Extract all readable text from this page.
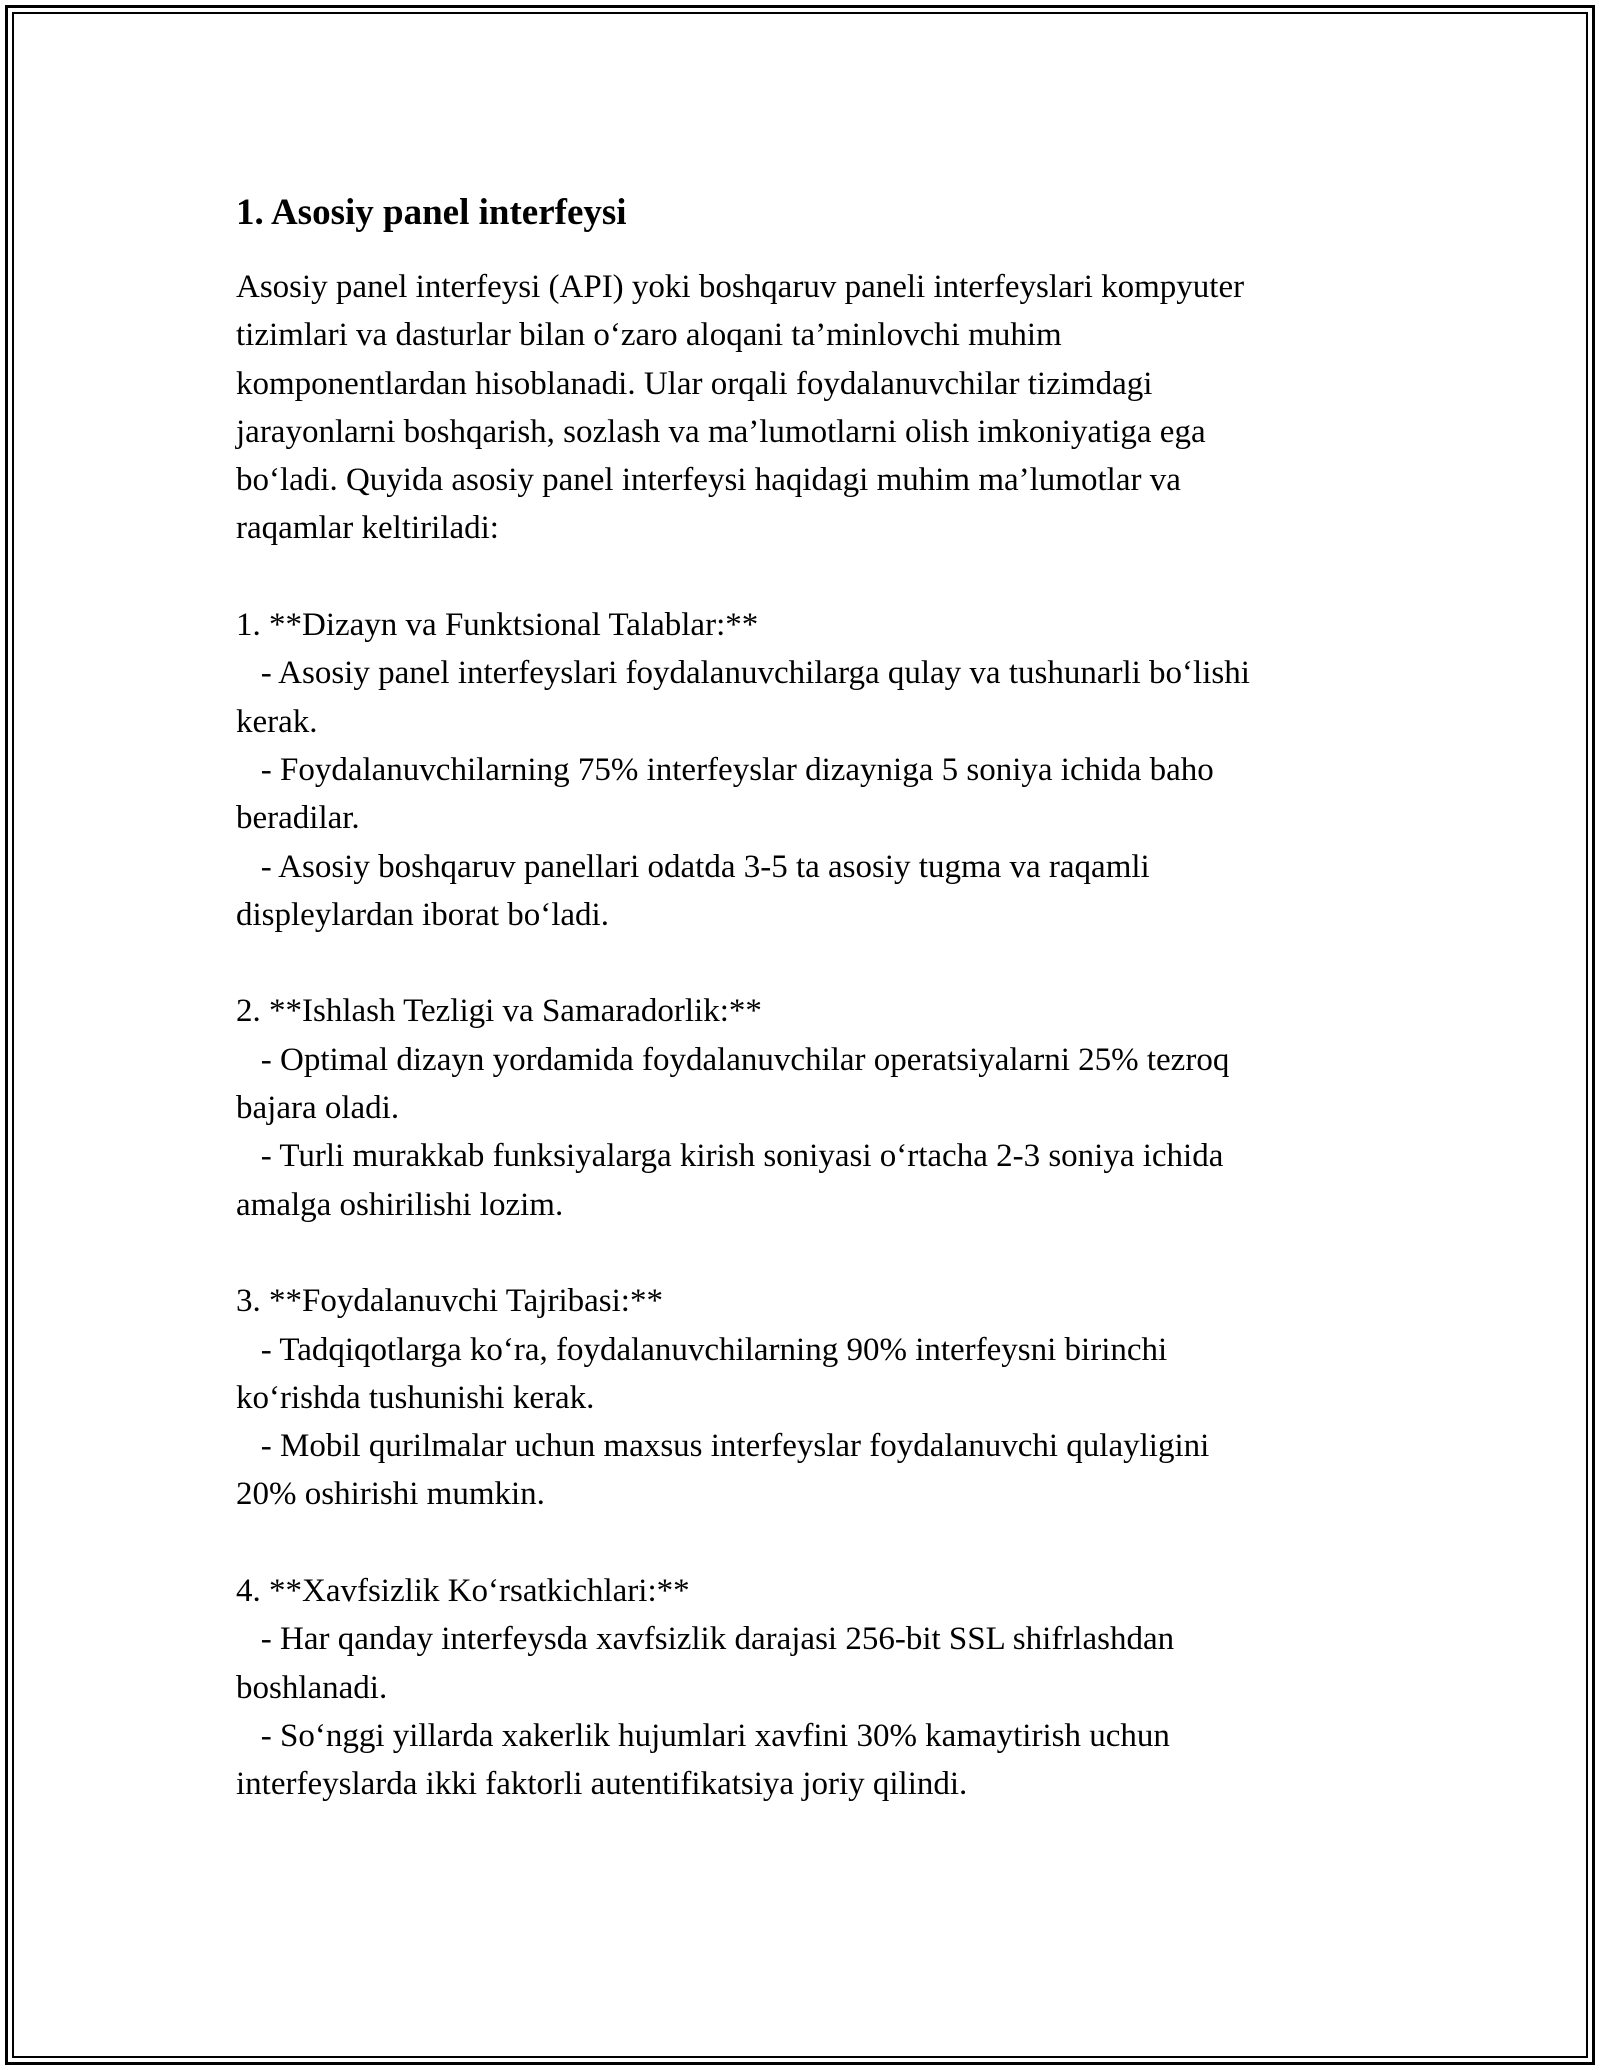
1. Asosiy panel interfeysi

Asosiy panel interfeysi (API) yoki boshqaruv paneli interfeyslari kompyuter
tizimlari va dasturlar bilan o‘zaro aloqani ta’minlovchi muhim
komponentlardan hisoblanadi. Ular orqali foydalanuvchilar tizimdagi
jarayonlarni boshqarish, sozlash va ma’lumotlarni olish imkoniyatiga ega
bo‘ladi. Quyida asosiy panel interfeysi haqidagi muhim ma’lumotlar va
raqamlar keltiriladi:

1. **Dizayn va Funktsional Talablar:**
- Asosiy panel interfeyslari foydalanuvchilarga qulay va tushunarli bo‘lishi
kerak.
- Foydalanuvchilarning 75% interfeyslar dizayniga 5 soniya ichida baho
beradilar.
- Asosiy boshqaruv panellari odatda 3-5 ta asosiy tugma va raqamli
displeylardan iborat bo‘ladi.

2. **Ishlash Tezligi va Samaradorlik:**
- Optimal dizayn yordamida foydalanuvchilar operatsiyalarni 25% tezroq
bajara oladi.
- Turli murakkab funksiyalarga kirish soniyasi o‘rtacha 2-3 soniya ichida
amalga oshirilishi lozim.

3. **Foydalanuvchi Tajribasi:**
- Tadqiqotlarga ko‘ra, foydalanuvchilarning 90% interfeysni birinchi
ko‘rishda tushunishi kerak.
- Mobil qurilmalar uchun maxsus interfeyslar foydalanuvchi qulayligini
20% oshirishi mumkin.

4. **Xavfsizlik Ko‘rsatkichlari:**
- Har qanday interfeysda xavfsizlik darajasi 256-bit SSL shifrlashdan
boshlanadi.
- So‘nggi yillarda xakerlik hujumlari xavfini 30% kamaytirish uchun
interfeyslarda ikki faktorli autentifikatsiya joriy qilindi.
